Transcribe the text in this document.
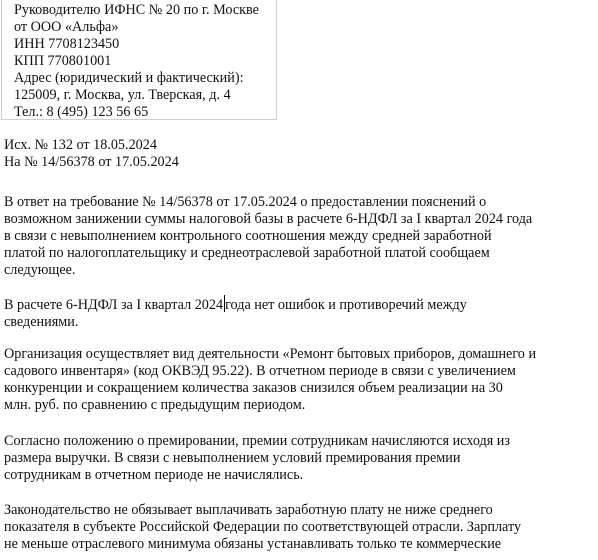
Руководителю ИФНС № 20 по г. Москве
от ООО «Альфа»
ИНН 7708123450
КПП 770801001
Адрес (юридический и фактический):
125009, г. Москва, ул. Тверская, д. 4
Тел.: 8 (495) 123 56 65
Исх. № 132 от 18.05.2024
На № 14/56378 от 17.05.2024
В ответ на требование № 14/56378 от 17.05.2024 о предоставлении пояснений о
возможном занижении суммы налоговой базы в расчете 6-НДФЛ за I квартал 2024 года
в связи с невыполнением контрольного соотношения между средней заработной
платой по налогоплательщику и среднеотраслевой заработной платой сообщаем
следующее.
В расчете 6-НДФЛ за I квартал 2024 года нет ошибок и противоречий между
сведениями.
Организация осуществляет вид деятельности «Ремонт бытовых приборов, домашнего и
садового инвентаря» (код ОКВЭД 95.22). В отчетном периоде в связи с увеличением
конкуренции и сокращением количества заказов снизился объем реализации на 30
млн. руб. по сравнению с предыдущим периодом.
Согласно положению о премировании, премии сотрудникам начисляются исходя из
размера выручки. В связи с невыполнением условий премирования премии
сотрудникам в отчетном периоде не начислялись.
Законодательство не обязывает выплачивать заработную плату не ниже среднего
показателя в субъекте Российской Федерации по соответствующей отрасли. Зарплату
не меньше отраслевого минимума обязаны устанавливать только те коммерческие
